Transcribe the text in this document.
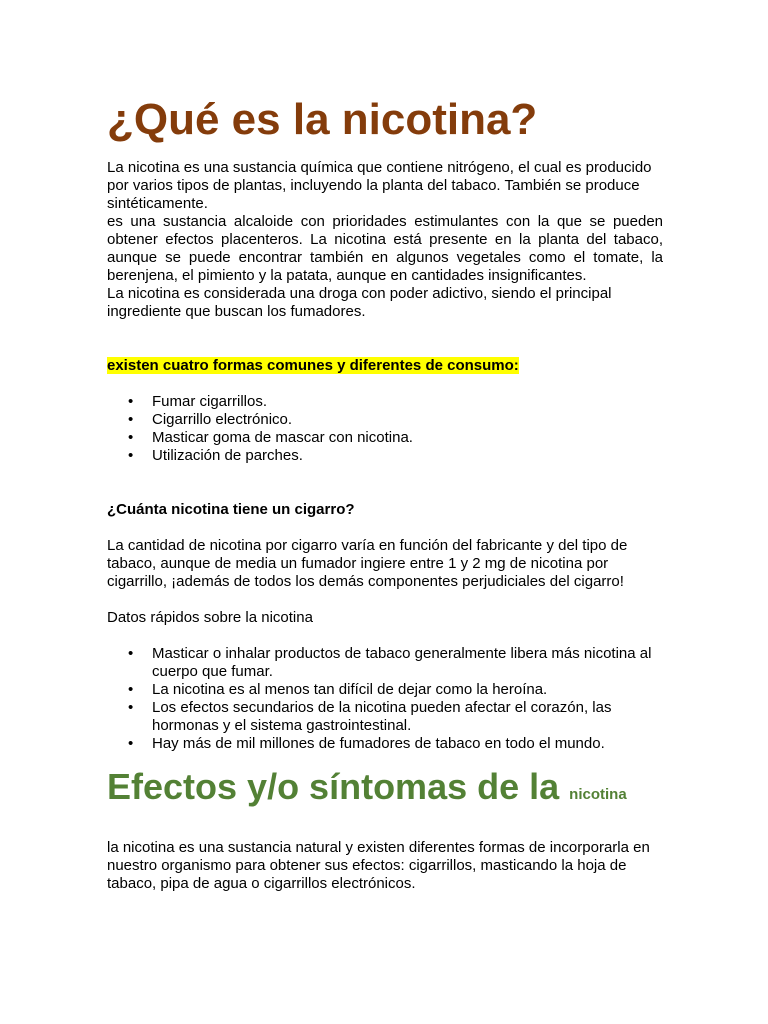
¿Qué es la nicotina?

La nicotina es una sustancia química que contiene nitrógeno, el cual es producido por varios tipos de plantas, incluyendo la planta del tabaco. También se produce sintéticamente.

es una sustancia alcaloide con prioridades estimulantes con la que se pueden obtener efectos placenteros. La nicotina está presente en la planta del tabaco, aunque se puede encontrar también en algunos vegetales como el tomate, la berenjena, el pimiento y la patata, aunque en cantidades insignificantes.

La nicotina es considerada una droga con poder adictivo, siendo el principal ingrediente que buscan los fumadores.

existen cuatro formas comunes y diferentes de consumo:

• Fumar cigarrillos.
• Cigarrillo electrónico.
• Masticar goma de mascar con nicotina.
• Utilización de parches.

¿Cuánta nicotina tiene un cigarro?

La cantidad de nicotina por cigarro varía en función del fabricante y del tipo de tabaco, aunque de media un fumador ingiere entre 1 y 2 mg de nicotina por cigarrillo, ¡además de todos los demás componentes perjudiciales del cigarro!

Datos rápidos sobre la nicotina

• Masticar o inhalar productos de tabaco generalmente libera más nicotina al cuerpo que fumar.
• La nicotina es al menos tan difícil de dejar como la heroína.
• Los efectos secundarios de la nicotina pueden afectar el corazón, las hormonas y el sistema gastrointestinal.
• Hay más de mil millones de fumadores de tabaco en todo el mundo.
Efectos y/o síntomas de la nicotina

la nicotina es una sustancia natural y existen diferentes formas de incorporarla en nuestro organismo para obtener sus efectos: cigarrillos, masticando la hoja de tabaco, pipa de agua o cigarrillos electrónicos.
